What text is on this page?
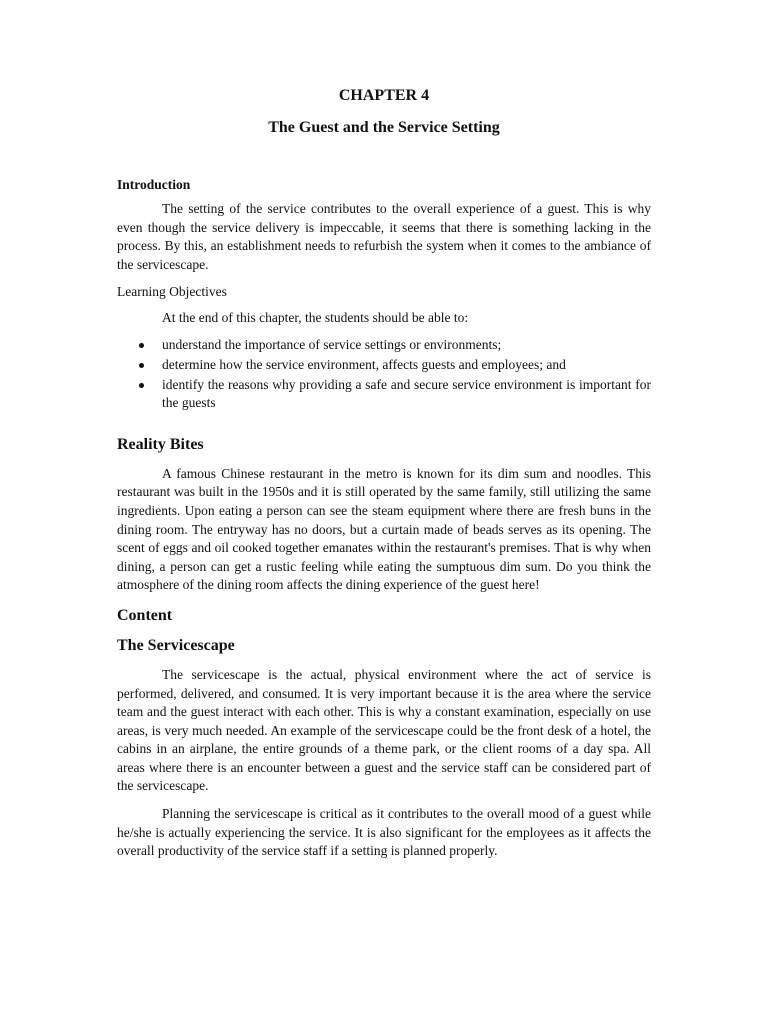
CHAPTER 4
The Guest and the Service Setting
Introduction

The setting of the service contributes to the overall experience of a guest. This is why even though the service delivery is impeccable, it seems that there is something lacking in the process. By this, an establishment needs to refurbish the system when it comes to the ambiance of the servicescape.

Learning Objectives
At the end of this chapter, the students should be able to:
understand the importance of service settings or environments;
determine how the service environment, affects guests and employees; and
identify the reasons why providing a safe and secure service environment is important for the guests
Reality Bites

A famous Chinese restaurant in the metro is known for its dim sum and noodles. This restaurant was built in the 1950s and it is still operated by the same family, still utilizing the same ingredients. Upon eating a person can see the steam equipment where there are fresh buns in the dining room. The entryway has no doors, but a curtain made of beads serves as its opening. The scent of eggs and oil cooked together emanates within the restaurant's premises. That is why when dining, a person can get a rustic feeling while eating the sumptuous dim sum. Do you think the atmosphere of the dining room affects the dining experience of the guest here!

Content
The Servicescape

The servicescape is the actual, physical environment where the act of service is performed, delivered, and consumed. It is very important because it is the area where the service team and the guest interact with each other. This is why a constant examination, especially on use areas, is very much needed. An example of the servicescape could be the front desk of a hotel, the cabins in an airplane, the entire grounds of a theme park, or the client rooms of a day spa. All areas where there is an encounter between a guest and the service staff can be considered part of the servicescape.

Planning the servicescape is critical as it contributes to the overall mood of a guest while he/she is actually experiencing the service. It is also significant for the employees as it affects the overall productivity of the service staff if a setting is planned properly.
